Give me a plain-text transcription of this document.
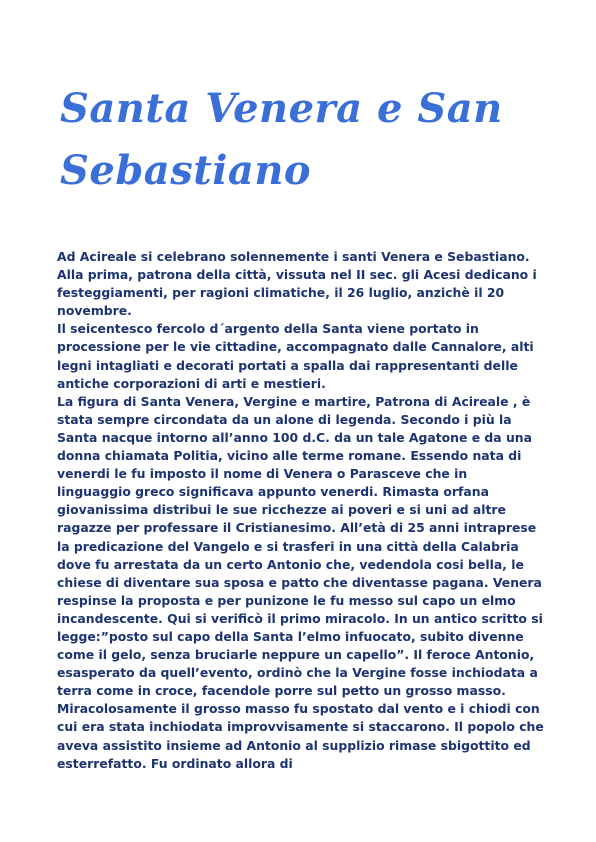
Santa Venera e San
Sebastiano

Ad Acireale si celebrano solennemente i santi Venera e Sebastiano. Alla prima, patrona della città, vissuta nel II sec. gli Acesi dedicano i festeggiamenti, per ragioni climatiche, il 26 luglio, anzichè il 20 novembre.

Il seicentesco fercolo d´argento della Santa viene portato in processione per le vie cittadine, accompagnato dalle Cannalore, alti legni intagliati e decorati portati a spalla dai rappresentanti delle antiche corporazioni di arti e mestieri.

La figura di Santa Venera, Vergine e martire, Patrona di Acireale , è stata sempre circondata da un alone di legenda. Secondo i più la Santa nacque intorno all’anno 100 d.C. da un tale Agatone e da una donna chiamata Politia, vicino alle terme romane. Essendo nata di venerdi le fu imposto il nome di Venera o Parasceve che in linguaggio greco significava appunto venerdi. Rimasta orfana giovanissima distribui le sue ricchezze ai poveri e si uni ad altre ragazze per professare il Cristianesimo. All’età di 25 anni intraprese la predicazione del Vangelo e si trasferi in una città della Calabria dove fu arrestata da un certo Antonio che, vedendola cosi bella, le chiese di diventare sua sposa e patto che diventasse pagana. Venera respinse la proposta e per punizone le fu messo sul capo un elmo incandescente. Qui si verificò il primo miracolo. In un antico scritto si legge:”posto sul capo della Santa l’elmo infuocato, subito divenne come il gelo, senza bruciarle neppure un capello”. Il feroce Antonio, esasperato da quell’evento, ordinò che la Vergine fosse inchiodata a terra come in croce, facendole porre sul petto un grosso masso. Miracolosamente il grosso masso fu spostato dal vento e i chiodi con cui era stata inchiodata improvvisamente si staccarono. Il popolo che aveva assistito insieme ad Antonio al supplizio rimase sbigottito ed esterrefatto. Fu ordinato allora di
